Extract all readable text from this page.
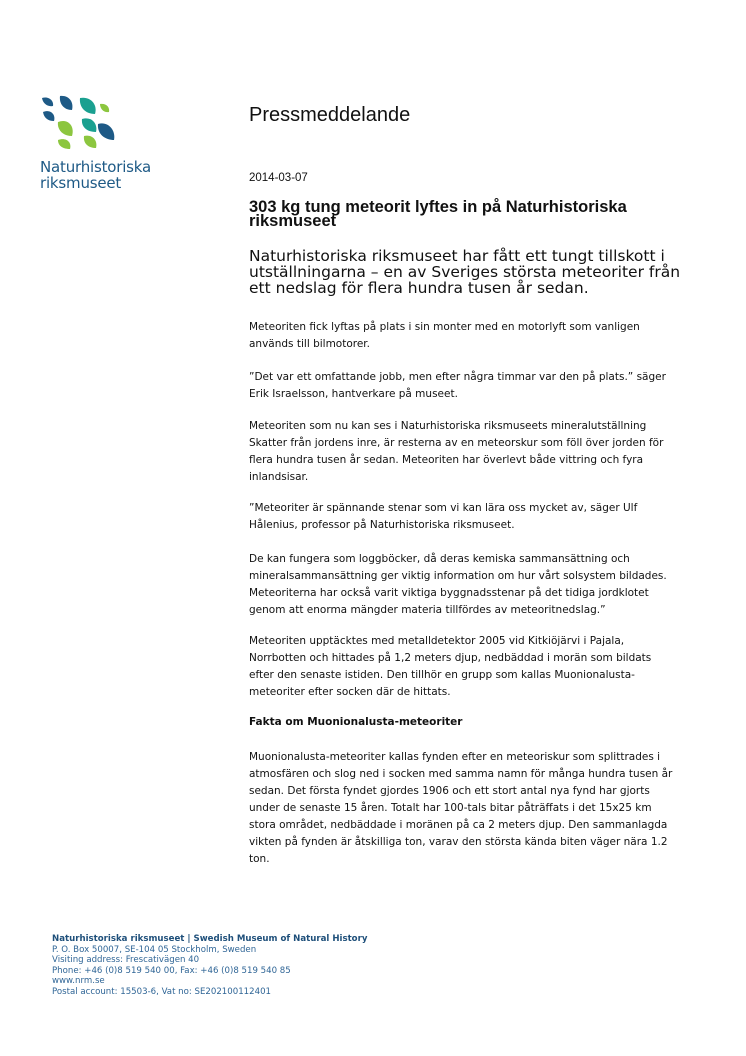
Naturhistoriska
riksmuseet
Pressmeddelande
2014-03-07
303 kg tung meteorit lyftes in på Naturhistoriska
riksmuseet
Naturhistoriska riksmuseet har fått ett tungt tillskott i
utställningarna – en av Sveriges största meteoriter från
ett nedslag för flera hundra tusen år sedan.
Meteoriten fick lyftas på plats i sin monter med en motorlyft som vanligen
används till bilmotorer.
”Det var ett omfattande jobb, men efter några timmar var den på plats.” säger
Erik Israelsson, hantverkare på museet.
Meteoriten som nu kan ses i Naturhistoriska riksmuseets mineralutställning
Skatter från jordens inre, är resterna av en meteorskur som föll över jorden för
flera hundra tusen år sedan. Meteoriten har överlevt både vittring och fyra
inlandsisar.
”Meteoriter är spännande stenar som vi kan lära oss mycket av, säger Ulf
Hålenius, professor på Naturhistoriska riksmuseet.
De kan fungera som loggböcker, då deras kemiska sammansättning och
mineralsammansättning ger viktig information om hur vårt solsystem bildades.
Meteoriterna har också varit viktiga byggnadsstenar på det tidiga jordklotet
genom att enorma mängder materia tillfördes av meteoritnedslag.”
Meteoriten upptäcktes med metalldetektor 2005 vid Kitkiöjärvi i Pajala,
Norrbotten och hittades på 1,2 meters djup, nedbäddad i morän som bildats
efter den senaste istiden. Den tillhör en grupp som kallas Muonionalusta-
meteoriter efter socken där de hittats.
Fakta om Muonionalusta-meteoriter
Muonionalusta-meteoriter kallas fynden efter en meteoriskur som splittrades i
atmosfären och slog ned i socken med samma namn för många hundra tusen år
sedan. Det första fyndet gjordes 1906 och ett stort antal nya fynd har gjorts
under de senaste 15 åren. Totalt har 100-tals bitar påträffats i det 15x25 km
stora området, nedbäddade i moränen på ca 2 meters djup. Den sammanlagda
vikten på fynden är åtskilliga ton, varav den största kända biten väger nära 1.2
ton.
Naturhistoriska riksmuseet | Swedish Museum of Natural History
P. O. Box 50007, SE-104 05 Stockholm, Sweden
Visiting address: Frescativägen 40
Phone: +46 (0)8 519 540 00, Fax: +46 (0)8 519 540 85
www.nrm.se
Postal account: 15503-6, Vat no: SE202100112401
